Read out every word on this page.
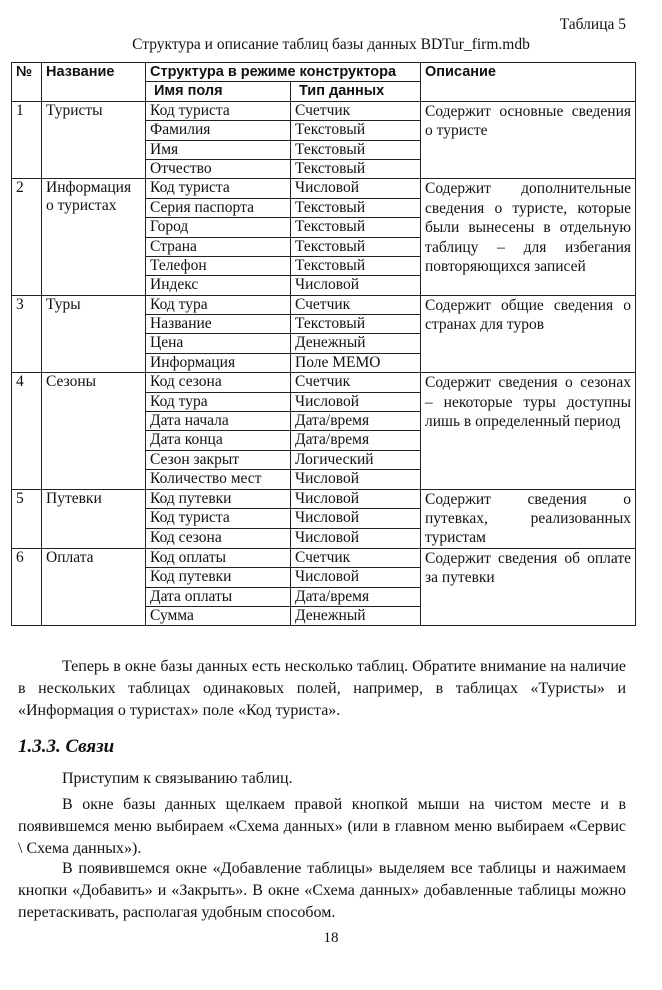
Таблица 5
Структура и описание таблиц базы данных BDTur_firm.mdb
№	Название	Структура в режиме конструктора		Описание
		Имя поля	Тип данных	
1	Туристы	Код туриста	Счетчик	Содержит основные сведения о туристе
		Фамилия	Текстовый	
		Имя	Текстовый	
		Отчество	Текстовый	
2	Информация о туристах	Код туриста	Числовой	Содержит дополнительные сведения о туристе, которые были вынесены в отдельную таблицу – для избегания повторяющихся записей
		Серия паспорта	Текстовый	
		Город	Текстовый	
		Страна	Текстовый	
		Телефон	Текстовый	
		Индекс	Числовой	
3	Туры	Код тура	Счетчик	Содержит общие сведения о странах для туров
		Название	Текстовый	
		Цена	Денежный	
		Информация	Поле MEMO	
4	Сезоны	Код сезона	Счетчик	Содержит сведения о сезонах – некоторые туры доступны лишь в определенный период
		Код тура	Числовой	
		Дата начала	Дата/время	
		Дата конца	Дата/время	
		Сезон закрыт	Логический	
		Количество мест	Числовой	
5	Путевки	Код путевки	Числовой	Содержит сведения о путевках, реализованных туристам
		Код туриста	Числовой	
		Код сезона	Числовой	
6	Оплата	Код оплаты	Счетчик	Содержит сведения об оплате за путевки
		Код путевки	Числовой	
		Дата оплаты	Дата/время	
		Сумма	Денежный	

Теперь в окне базы данных есть несколько таблиц. Обратите внимание на наличие в нескольких таблицах одинаковых полей, например, в таблицах «Туристы» и «Информация о туристах» поле «Код туриста».

1.3.3. Связи

Приступим к связыванию таблиц.

В окне базы данных щелкаем правой кнопкой мыши на чистом месте и в появившемся меню выбираем «Схема данных» (или в главном меню выбираем «Сервис \ Схема данных»).

В появившемся окне «Добавление таблицы» выделяем все таблицы и нажимаем кнопки «Добавить» и «Закрыть». В окне «Схема данных» добавленные таблицы можно перетаскивать, располагая удобным способом.

18
